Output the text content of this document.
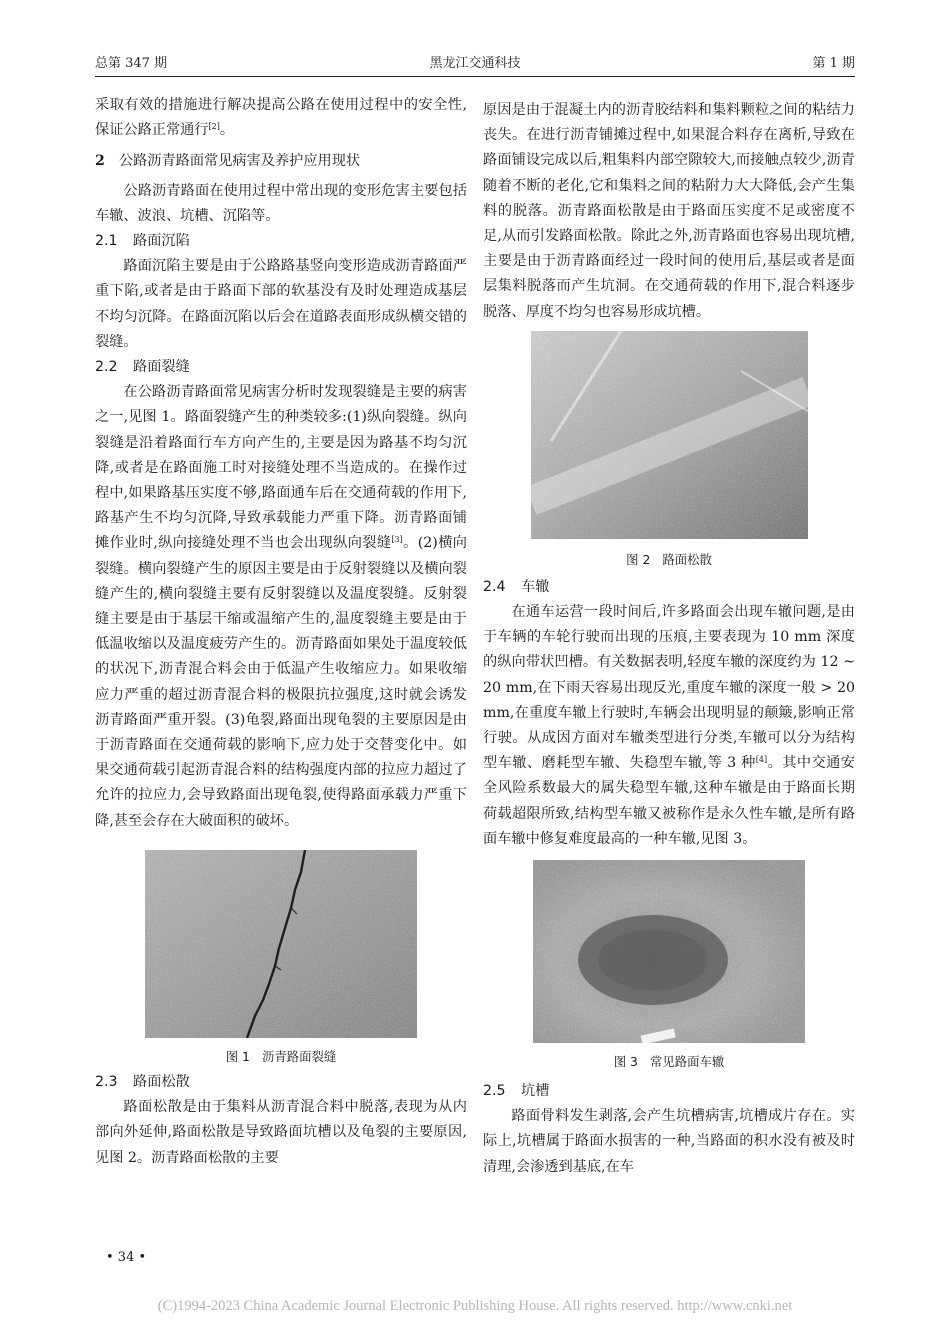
总第 347 期	黑龙江交通科技	第 1 期

采取有效的措施进行解决提高公路在使用过程中的安全性,保证公路正常通行[2]。

2 公路沥青路面常见病害及养护应用现状

公路沥青路面在使用过程中常出现的变形危害主要包括车辙、波浪、坑槽、沉陷等。

2.1 路面沉陷

路面沉陷主要是由于公路路基竖向变形造成沥青路面严重下陷,或者是由于路面下部的软基没有及时处理造成基层不均匀沉降。在路面沉陷以后会在道路表面形成纵横交错的裂缝。

2.2 路面裂缝

在公路沥青路面常见病害分析时发现裂缝是主要的病害之一,见图 1。路面裂缝产生的种类较多:(1)纵向裂缝。纵向裂缝是沿着路面行车方向产生的,主要是因为路基不均匀沉降,或者是在路面施工时对接缝处理不当造成的。在操作过程中,如果路基压实度不够,路面通车后在交通荷载的作用下,路基产生不均匀沉降,导致承载能力严重下降。沥青路面铺摊作业时,纵向接缝处理不当也会出现纵向裂缝[3]。(2)横向裂缝。横向裂缝产生的原因主要是由于反射裂缝以及横向裂缝产生的,横向裂缝主要有反射裂缝以及温度裂缝。反射裂缝主要是由于基层干缩或温缩产生的,温度裂缝主要是由于低温收缩以及温度疲劳产生的。沥青路面如果处于温度较低的状况下,沥青混合料会由于低温产生收缩应力。如果收缩应力严重的超过沥青混合料的极限抗拉强度,这时就会诱发沥青路面严重开裂。(3)龟裂,路面出现龟裂的主要原因是由于沥青路面在交通荷载的影响下,应力处于交替变化中。如果交通荷载引起沥青混合料的结构强度内部的拉应力超过了允许的拉应力,会导致路面出现龟裂,使得路面承载力严重下降,甚至会存在大破面积的破坏。

图 1 沥青路面裂缝
2.3 路面松散

路面松散是由于集料从沥青混合料中脱落,表现为从内部向外延伸,路面松散是导致路面坑槽以及龟裂的主要原因,见图 2。沥青路面松散的主要

原因是由于混凝土内的沥青胶结料和集料颗粒之间的粘结力丧失。在进行沥青铺摊过程中,如果混合料存在离析,导致在路面铺设完成以后,粗集料内部空隙较大,而接触点较少,沥青随着不断的老化,它和集料之间的粘附力大大降低,会产生集料的脱落。沥青路面松散是由于路面压实度不足或密度不足,从而引发路面松散。除此之外,沥青路面也容易出现坑槽,主要是由于沥青路面经过一段时间的使用后,基层或者是面层集料脱落而产生坑洞。在交通荷载的作用下,混合料逐步脱落、厚度不均匀也容易形成坑槽。

图 2 路面松散
2.4 车辙

在通车运营一段时间后,许多路面会出现车辙问题,是由于车辆的车轮行驶而出现的压痕,主要表现为 10 mm 深度的纵向带状凹槽。有关数据表明,轻度车辙的深度约为 12 ~ 20 mm,在下雨天容易出现反光,重度车辙的深度一般 > 20 mm,在重度车辙上行驶时,车辆会出现明显的颠簸,影响正常行驶。从成因方面对车辙类型进行分类,车辙可以分为结构型车辙、磨耗型车辙、失稳型车辙,等 3 种[4]。其中交通安全风险系数最大的属失稳型车辙,这种车辙是由于路面长期荷载超限所致,结构型车辙又被称作是永久性车辙,是所有路面车辙中修复难度最高的一种车辙,见图 3。

图 3 常见路面车辙
2.5 坑槽

路面骨料发生剥落,会产生坑槽病害,坑槽成片存在。实际上,坑槽属于路面水损害的一种,当路面的积水没有被及时清理,会渗透到基底,在车

• 34 •
(C)1994-2023 China Academic Journal Electronic Publishing House. All rights reserved. http://www.cnki.net
